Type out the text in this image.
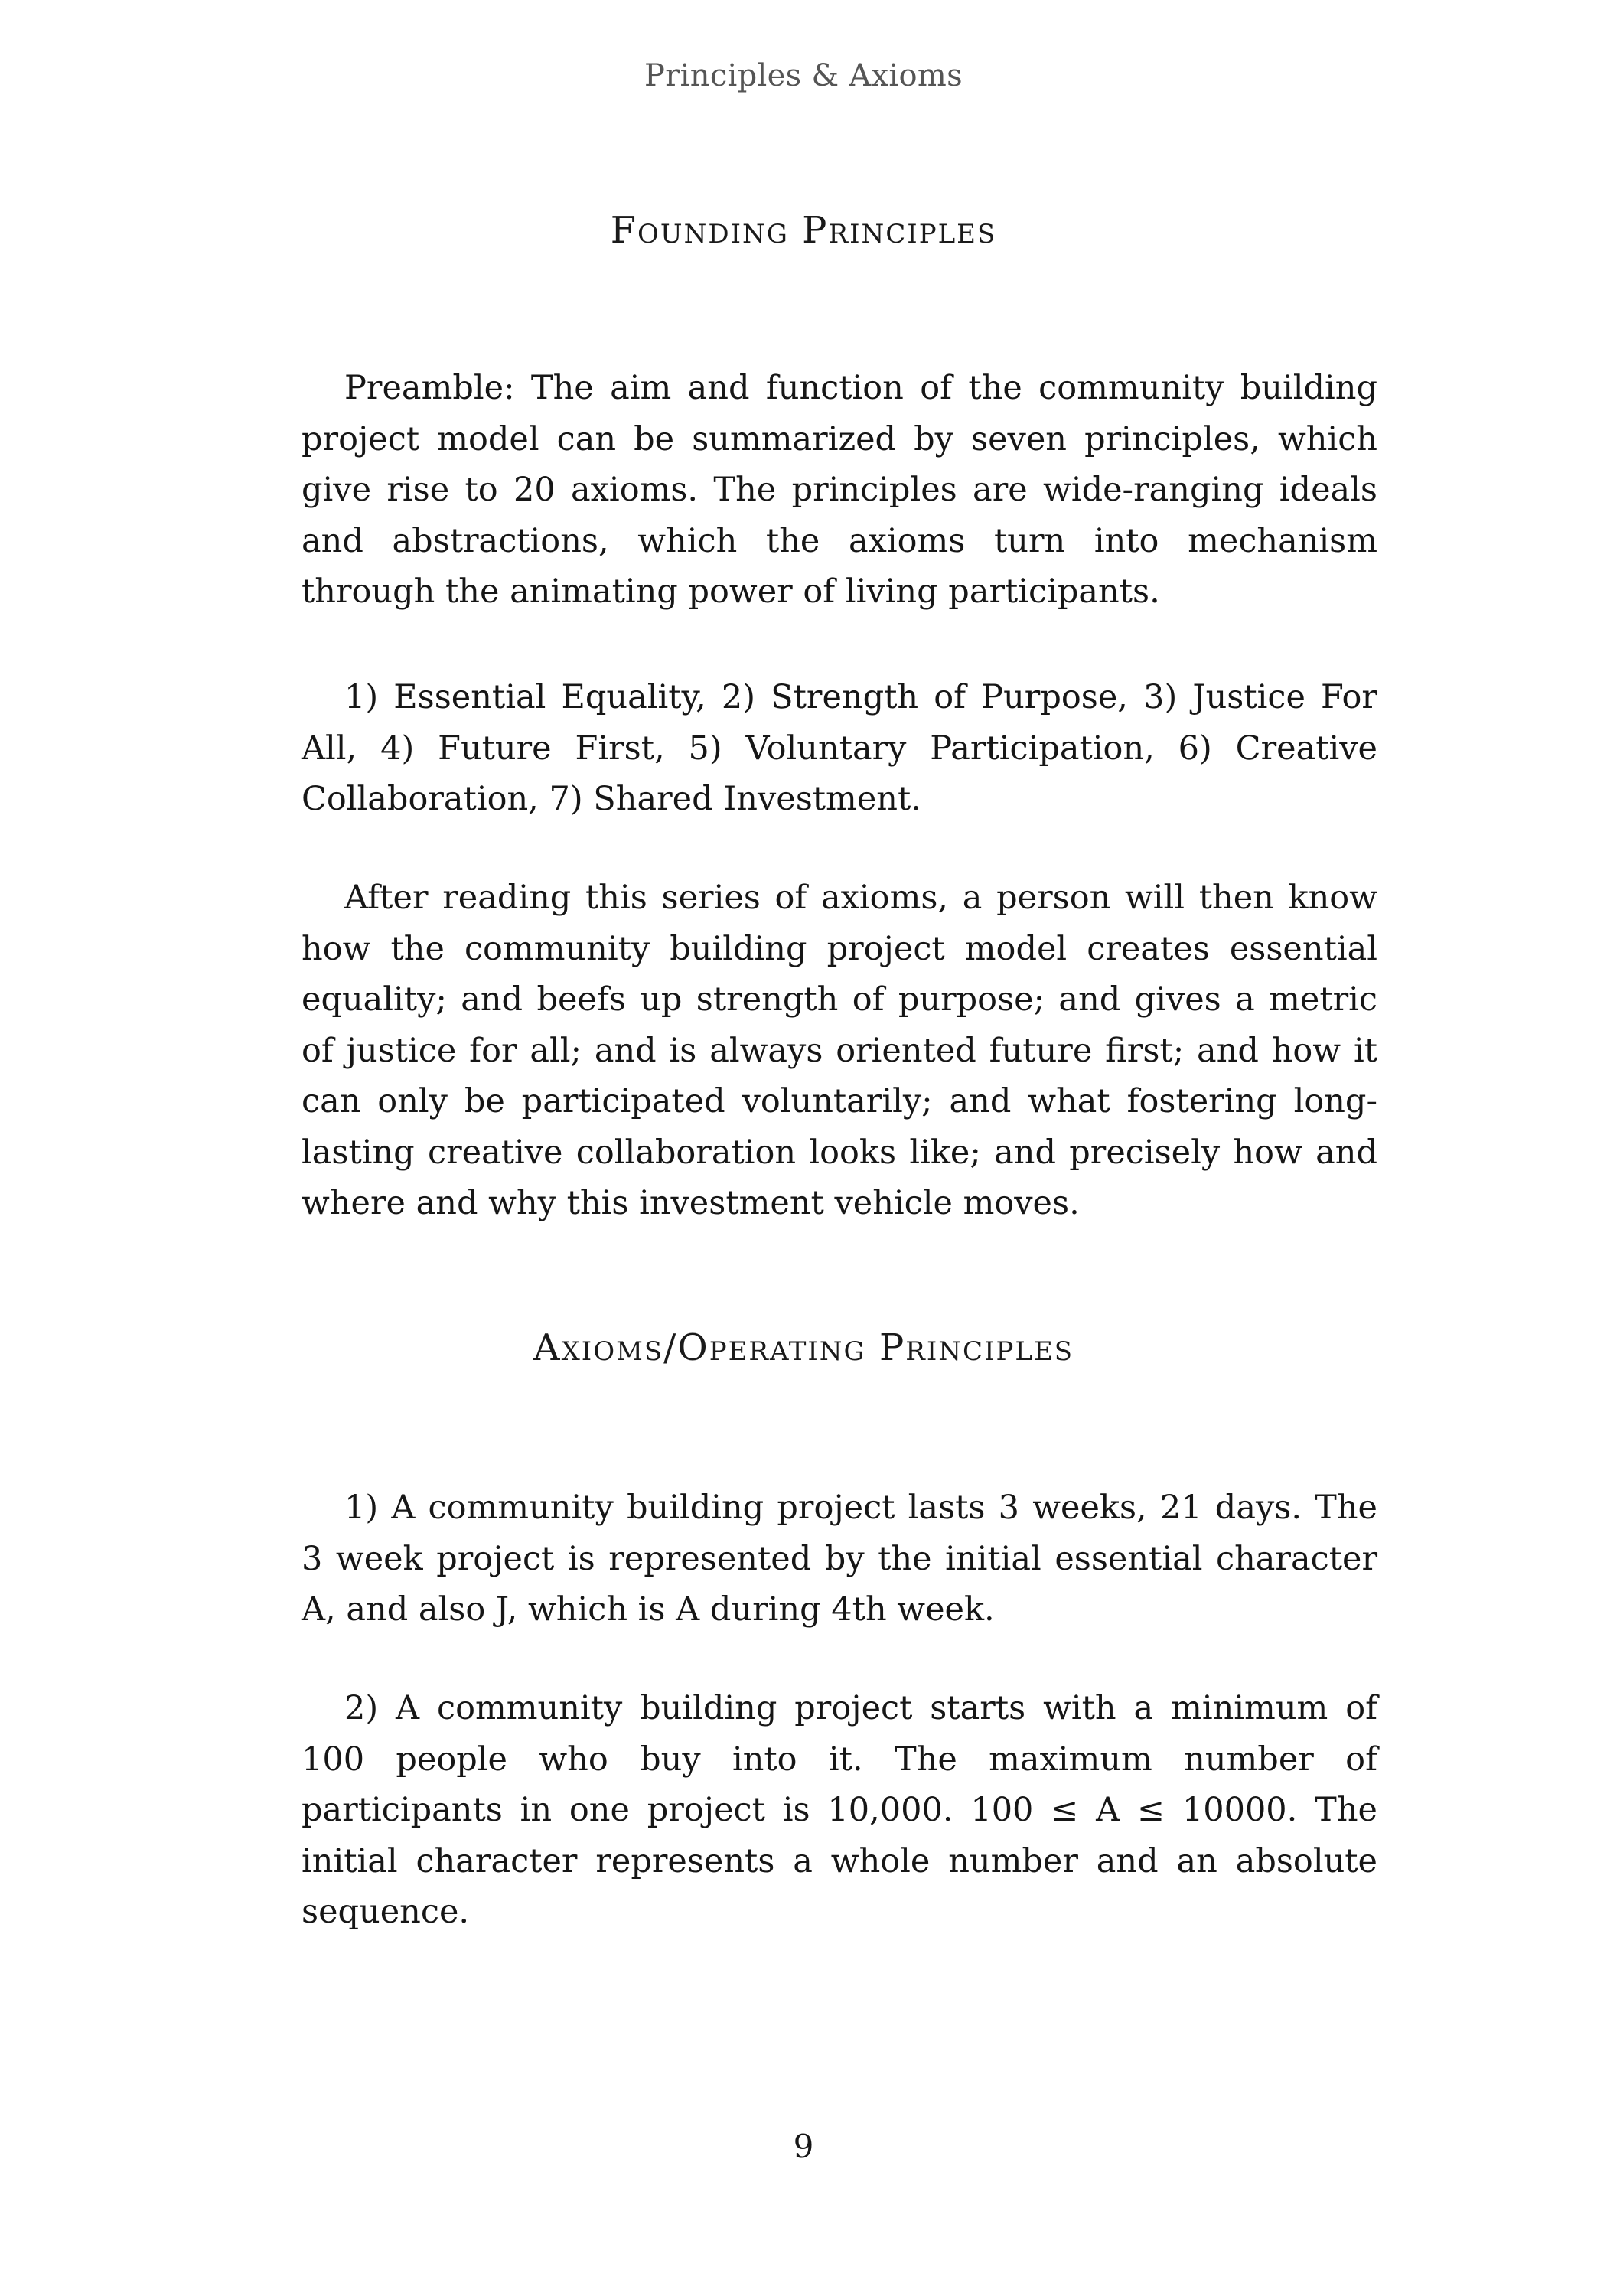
Principles & Axioms
Founding Principles

Preamble: The aim and function of the community building project model can be summarized by seven principles, which give rise to 20 axioms. The principles are wide-ranging ideals and abstractions, which the axioms turn into mechanism through the animating power of living participants.

1) Essential Equality, 2) Strength of Purpose, 3) Justice For All, 4) Future First, 5) Voluntary Participation, 6) Creative Collaboration, 7) Shared Investment.

After reading this series of axioms, a person will then know how the community building project model creates essential equality; and beefs up strength of purpose; and gives a metric of justice for all; and is always oriented future first; and how it can only be participated voluntarily; and what fostering long-lasting creative collaboration looks like; and precisely how and where and why this investment vehicle moves.

Axioms/Operating Principles

1) A community building project lasts 3 weeks, 21 days. The 3 week project is represented by the initial essential character A, and also J, which is A during 4th week.

2) A community building project starts with a minimum of 100 people who buy into it. The maximum number of participants in one project is 10,000. 100 ≤ A ≤ 10000. The initial character represents a whole number and an absolute sequence.

9
